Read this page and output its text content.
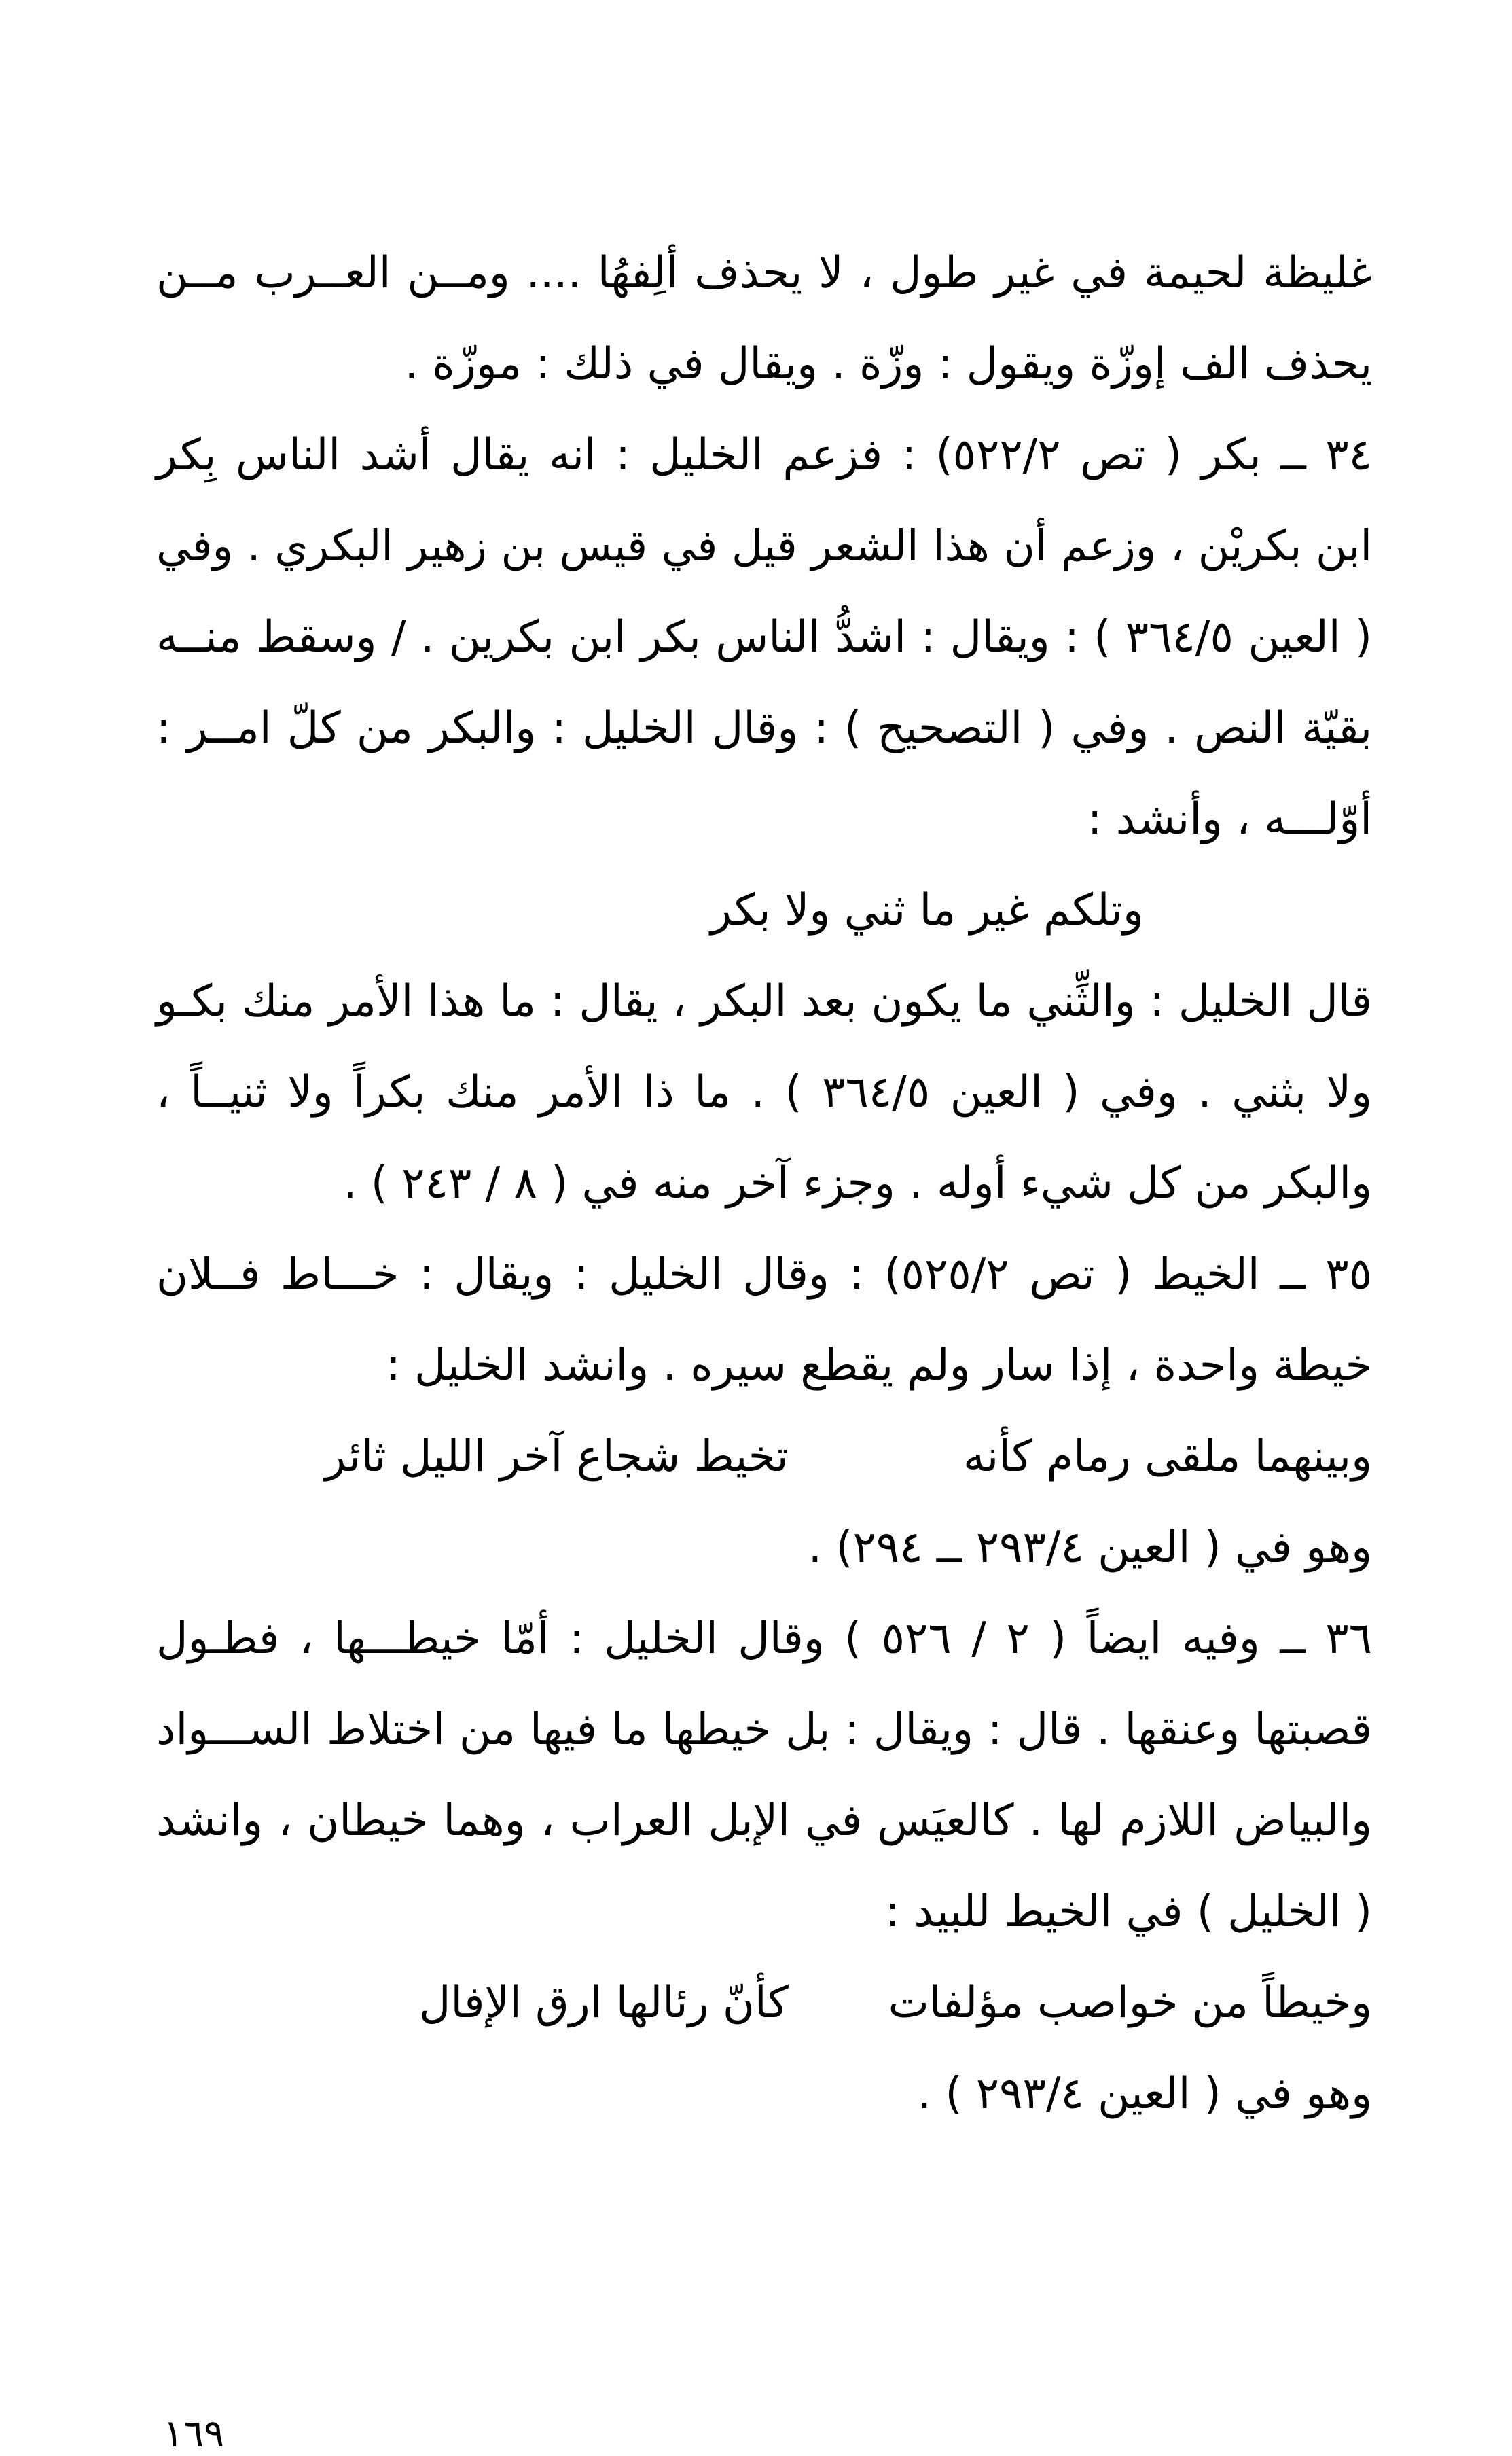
غليظة لحيمة في غير طول ، لا يحذف ألِفهُا .... ومــن العــرب مــن
يحذف الف إوزّة ويقول : وزّة . ويقال في ذلك : موزّة .
٣٤ ــ بكر ( تص ٥٢٢/٢) : فزعم الخليل : انه يقال أشد الناس بِكر
ابن بكريْن ، وزعم أن هذا الشعر قيل في قيس بن زهير البكري . وفي
( العين ٣٦٤/٥ ) : ويقال : اشدُّ الناس بكر ابن بكرين . / وسقط منــه
بقيّة النص . وفي ( التصحيح ) : وقال الخليل : والبكر من كلّ امــر :
أوّلـــه ، وأنشد :
وتلكم غير ما ثني ولا بكر
قال الخليل : والثِّني ما يكون بعد البكر ، يقال : ما هذا الأمر منك بكـو
ولا بثني . وفي ( العين ٣٦٤/٥ ) . ما ذا الأمر منك بكراً ولا ثنيــاً ،
والبكر من كل شيء أوله . وجزء آخر منه في ( ٨ / ٢٤٣ ) .
٣٥ ــ الخيط ( تص ٥٢٥/٢) : وقال الخليل : ويقال : خـــاط فــلان
خيطة واحدة ، إذا سار ولم يقطع سيره . وانشد الخليل :
وبينهما ملقى رمام كأنه
تخيط شجاع آخر الليل ثائر
وهو في ( العين ٢٩٣/٤ ــ ٢٩٤) .
٣٦ ــ وفيه ايضاً ( ٢ / ٥٢٦ ) وقال الخليل : أمّا خيطـــها ، فطـول
قصبتها وعنقها . قال : ويقال : بل خيطها ما فيها من اختلاط الســـواد
والبياض اللازم لها . كالعيَس في الإبل العراب ، وهما خيطان ، وانشد
( الخليل ) في الخيط للبيد :
وخيطاً من خواصب مؤلفات
كأنّ رئالها ارق الإفال
وهو في ( العين ٢٩٣/٤ ) .
١٦٩
